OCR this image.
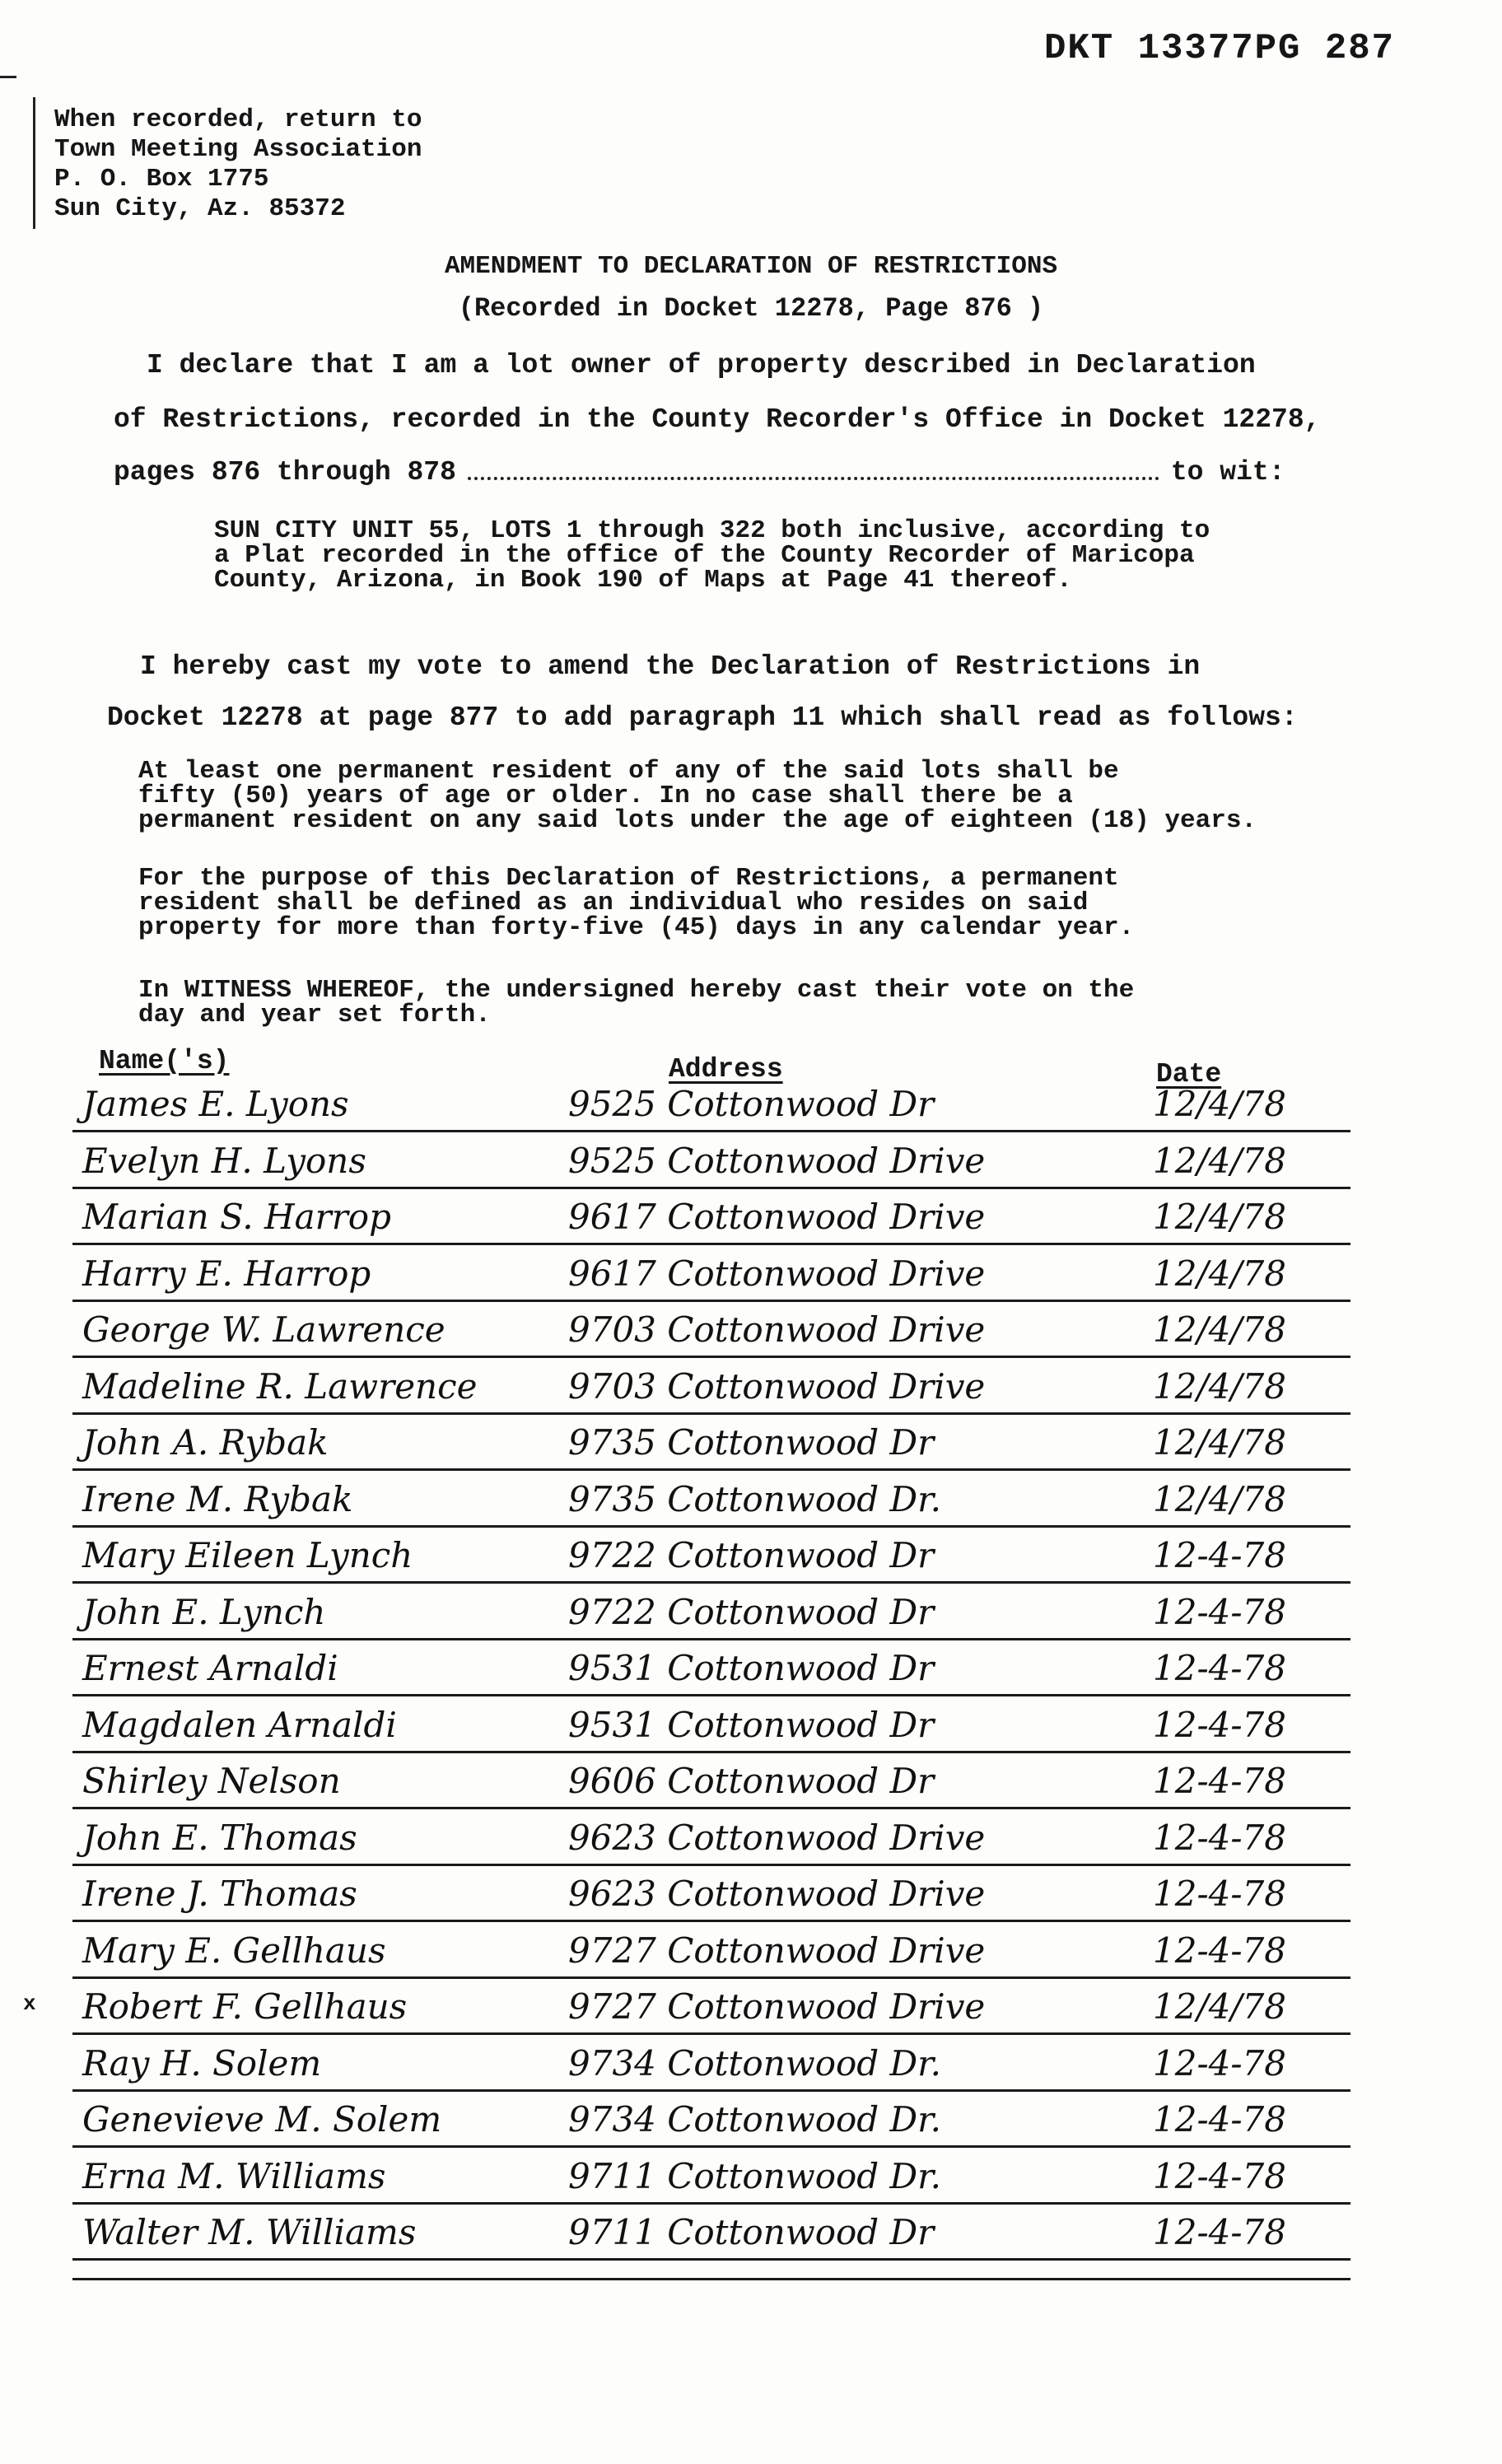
DKT 13377PG 287
When recorded, return to
Town Meeting Association
P. O. Box 1775
Sun City, Az. 85372
AMENDMENT TO DECLARATION OF RESTRICTIONS
(Recorded in Docket 12278, Page 876 )
I declare that I am a lot owner of property described in Declaration
of Restrictions, recorded in the County Recorder's Office in Docket 12278,
pages 876 through 878	to wit:
SUN CITY UNIT 55, LOTS 1 through 322 both inclusive, according to
a Plat recorded in the office of the County Recorder of Maricopa
County, Arizona, in Book 190 of Maps at Page 41 thereof.
I hereby cast my vote to amend the Declaration of Restrictions in
Docket 12278 at page 877 to add paragraph 11 which shall read as follows:
At least one permanent resident of any of the said lots shall be
fifty (50) years of age or older. In no case shall there be a
permanent resident on any said lots under the age of eighteen (18) years.
For the purpose of this Declaration of Restrictions, a permanent
resident shall be defined as an individual who resides on said
property for more than forty-five (45) days in any calendar year.
In WITNESS WHEREOF, the undersigned hereby cast their vote on the
day and year set forth.
Name('s)	Address	Date
x
James E. Lyons	9525 Cottonwood Dr	12/4/78
Evelyn H. Lyons	9525 Cottonwood Drive	12/4/78
Marian S. Harrop	9617 Cottonwood Drive	12/4/78
Harry E. Harrop	9617 Cottonwood Drive	12/4/78
George W. Lawrence	9703 Cottonwood Drive	12/4/78
Madeline R. Lawrence	9703 Cottonwood Drive	12/4/78
John A. Rybak	9735 Cottonwood Dr	12/4/78
Irene M. Rybak	9735 Cottonwood Dr.	12/4/78
Mary Eileen Lynch	9722 Cottonwood Dr	12-4-78
John E. Lynch	9722 Cottonwood Dr	12-4-78
Ernest Arnaldi	9531 Cottonwood Dr	12-4-78
Magdalen Arnaldi	9531 Cottonwood Dr	12-4-78
Shirley Nelson	9606 Cottonwood Dr	12-4-78
John E. Thomas	9623 Cottonwood Drive	12-4-78
Irene J. Thomas	9623 Cottonwood Drive	12-4-78
Mary E. Gellhaus	9727 Cottonwood Drive	12-4-78
Robert F. Gellhaus	9727 Cottonwood Drive	12/4/78
Ray H. Solem	9734 Cottonwood Dr.	12-4-78
Genevieve M. Solem	9734 Cottonwood Dr.	12-4-78
Erna M. Williams	9711 Cottonwood Dr.	12-4-78
Walter M. Williams	9711 Cottonwood Dr	12-4-78
